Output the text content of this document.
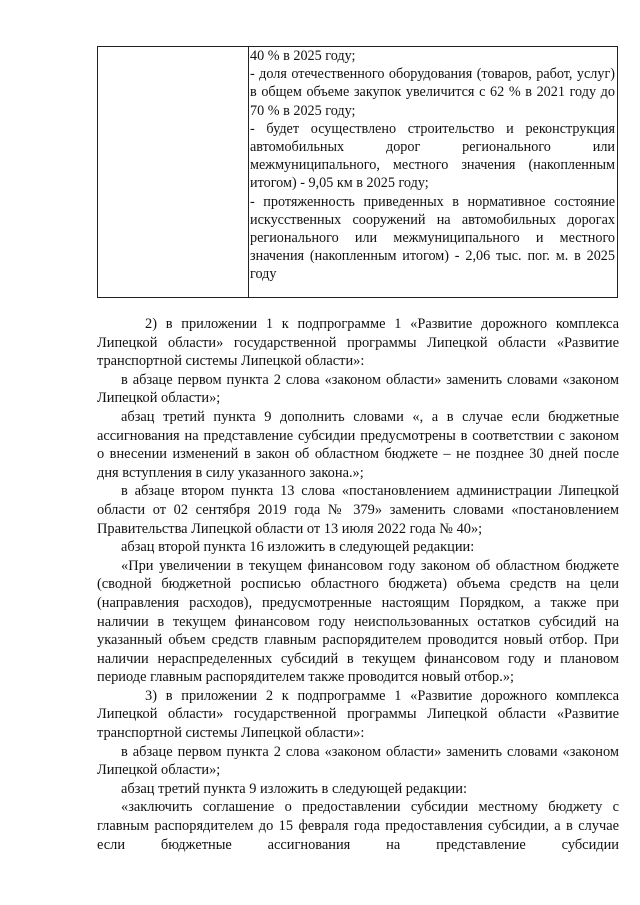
40 % в 2025 году;

- доля отечественного оборудования (товаров, работ, услуг) в общем объеме закупок увеличится с 62 % в 2021 году до 70 % в 2025 году;

- будет осуществлено строительство и реконструкция автомобильных дорог регионального или межмуниципального, местного значения (накопленным итогом) - 9,05 км в 2025 году;

- протяженность приведенных в нормативное состояние искусственных сооружений на автомобильных дорогах регионального или межмуниципального и местного значения (накопленным итогом) - 2,06 тыс. пог. м. в 2025 году

2) в приложении 1 к подпрограмме 1 «Развитие дорожного комплекса Липецкой области» государственной программы Липецкой области «Развитие транспортной системы Липецкой области»:

в абзаце первом пункта 2 слова «законом области» заменить словами «законом Липецкой области»;

абзац третий пункта 9 дополнить словами «, а в случае если бюджетные ассигнования на представление субсидии предусмотрены в соответствии с законом о внесении изменений в закон об областном бюджете – не позднее 30 дней после дня вступления в силу указанного закона.»;

в абзаце втором пункта 13 слова «постановлением администрации Липецкой области от 02 сентября 2019 года № 379» заменить словами «постановлением Правительства Липецкой области от 13 июля 2022 года № 40»;

абзац второй пункта 16 изложить в следующей редакции:

«При увеличении в текущем финансовом году законом об областном бюджете (сводной бюджетной росписью областного бюджета) объема средств на цели (направления расходов), предусмотренные настоящим Порядком, а также при наличии в текущем финансовом году неиспользованных остатков субсидий на указанный объем средств главным распорядителем проводится новый отбор. При наличии нераспределенных субсидий в текущем финансовом году и плановом периоде главным распорядителем также проводится новый отбор.»;

3) в приложении 2 к подпрограмме 1 «Развитие дорожного комплекса Липецкой области» государственной программы Липецкой области «Развитие транспортной системы Липецкой области»:

в абзаце первом пункта 2 слова «законом области» заменить словами «законом Липецкой области»;

абзац третий пункта 9 изложить в следующей редакции:

«заключить соглашение о предоставлении субсидии местному бюджету с главным распорядителем до 15 февраля года предоставления субсидии, а в случае если бюджетные ассигнования на представление субсидии
